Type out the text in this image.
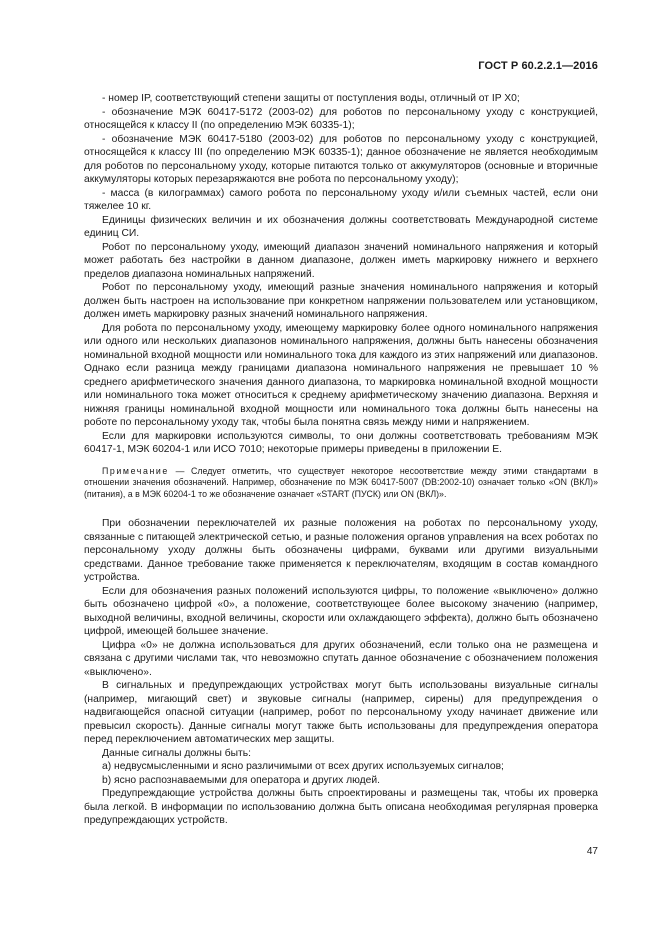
ГОСТ Р 60.2.2.1—2016

- номер IP, соответствующий степени защиты от поступления воды, отличный от IP X0;

- обозначение МЭК 60417-5172 (2003-02) для роботов по персональному уходу с конструкцией, относящейся к классу II (по определению МЭК 60335-1);

- обозначение МЭК 60417-5180 (2003-02) для роботов по персональному уходу с конструкцией, относящейся к классу III (по определению МЭК 60335-1); данное обозначение не является необходимым для роботов по персональному уходу, которые питаются только от аккумуляторов (основные и вторичные аккумуляторы которых перезаряжаются вне робота по персональному уходу);

- масса (в килограммах) самого робота по персональному уходу и/или съемных частей, если они тяжелее 10 кг.

Единицы физических величин и их обозначения должны соответствовать Международной системе единиц СИ.

Робот по персональному уходу, имеющий диапазон значений номинального напряжения и который может работать без настройки в данном диапазоне, должен иметь маркировку нижнего и верхнего пределов диапазона номинальных напряжений.

Робот по персональному уходу, имеющий разные значения номинального напряжения и который должен быть настроен на использование при конкретном напряжении пользователем или установщиком, должен иметь маркировку разных значений номинального напряжения.

Для робота по персональному уходу, имеющему маркировку более одного номинального напряжения или одного или нескольких диапазонов номинального напряжения, должны быть нанесены обозначения номинальной входной мощности или номинального тока для каждого из этих напряжений или диапазонов. Однако если разница между границами диапазона номинального напряжения не превышает 10 % среднего арифметического значения данного диапазона, то маркировка номинальной входной мощности или номинального тока может относиться к среднему арифметическому значению диапазона. Верхняя и нижняя границы номинальной входной мощности или номинального тока должны быть нанесены на роботе по персональному уходу так, чтобы была понятна связь между ними и напряжением.

Если для маркировки используются символы, то они должны соответствовать требованиям МЭК 60417-1, МЭК 60204-1 или ИСО 7010; некоторые примеры приведены в приложении Е.

Примечание — Следует отметить, что существует некоторое несоответствие между этими стандартами в отношении значения обозначений. Например, обозначение по МЭК 60417-5007 (DB:2002-10) означает только «ON (ВКЛ)» (питания), а в МЭК 60204-1 то же обозначение означает «START (ПУСК) или ON (ВКЛ)».

При обозначении переключателей их разные положения на роботах по персональному уходу, связанные с питающей электрической сетью, и разные положения органов управления на всех роботах по персональному уходу должны быть обозначены цифрами, буквами или другими визуальными средствами. Данное требование также применяется к переключателям, входящим в состав командного устройства.

Если для обозначения разных положений используются цифры, то положение «выключено» должно быть обозначено цифрой «0», а положение, соответствующее более высокому значению (например, выходной величины, входной величины, скорости или охлаждающего эффекта), должно быть обозначено цифрой, имеющей большее значение.

Цифра «0» не должна использоваться для других обозначений, если только она не размещена и связана с другими числами так, что невозможно спутать данное обозначение с обозначением положения «выключено».

В сигнальных и предупреждающих устройствах могут быть использованы визуальные сигналы (например, мигающий свет) и звуковые сигналы (например, сирены) для предупреждения о надвигающейся опасной ситуации (например, робот по персональному уходу начинает движение или превысил скорость). Данные сигналы могут также быть использованы для предупреждения оператора перед переключением автоматических мер защиты.

Данные сигналы должны быть:

a) недвусмысленными и ясно различимыми от всех других используемых сигналов;

b) ясно распознаваемыми для оператора и других людей.

Предупреждающие устройства должны быть спроектированы и размещены так, чтобы их проверка была легкой. В информации по использованию должна быть описана необходимая регулярная проверка предупреждающих устройств.

47
